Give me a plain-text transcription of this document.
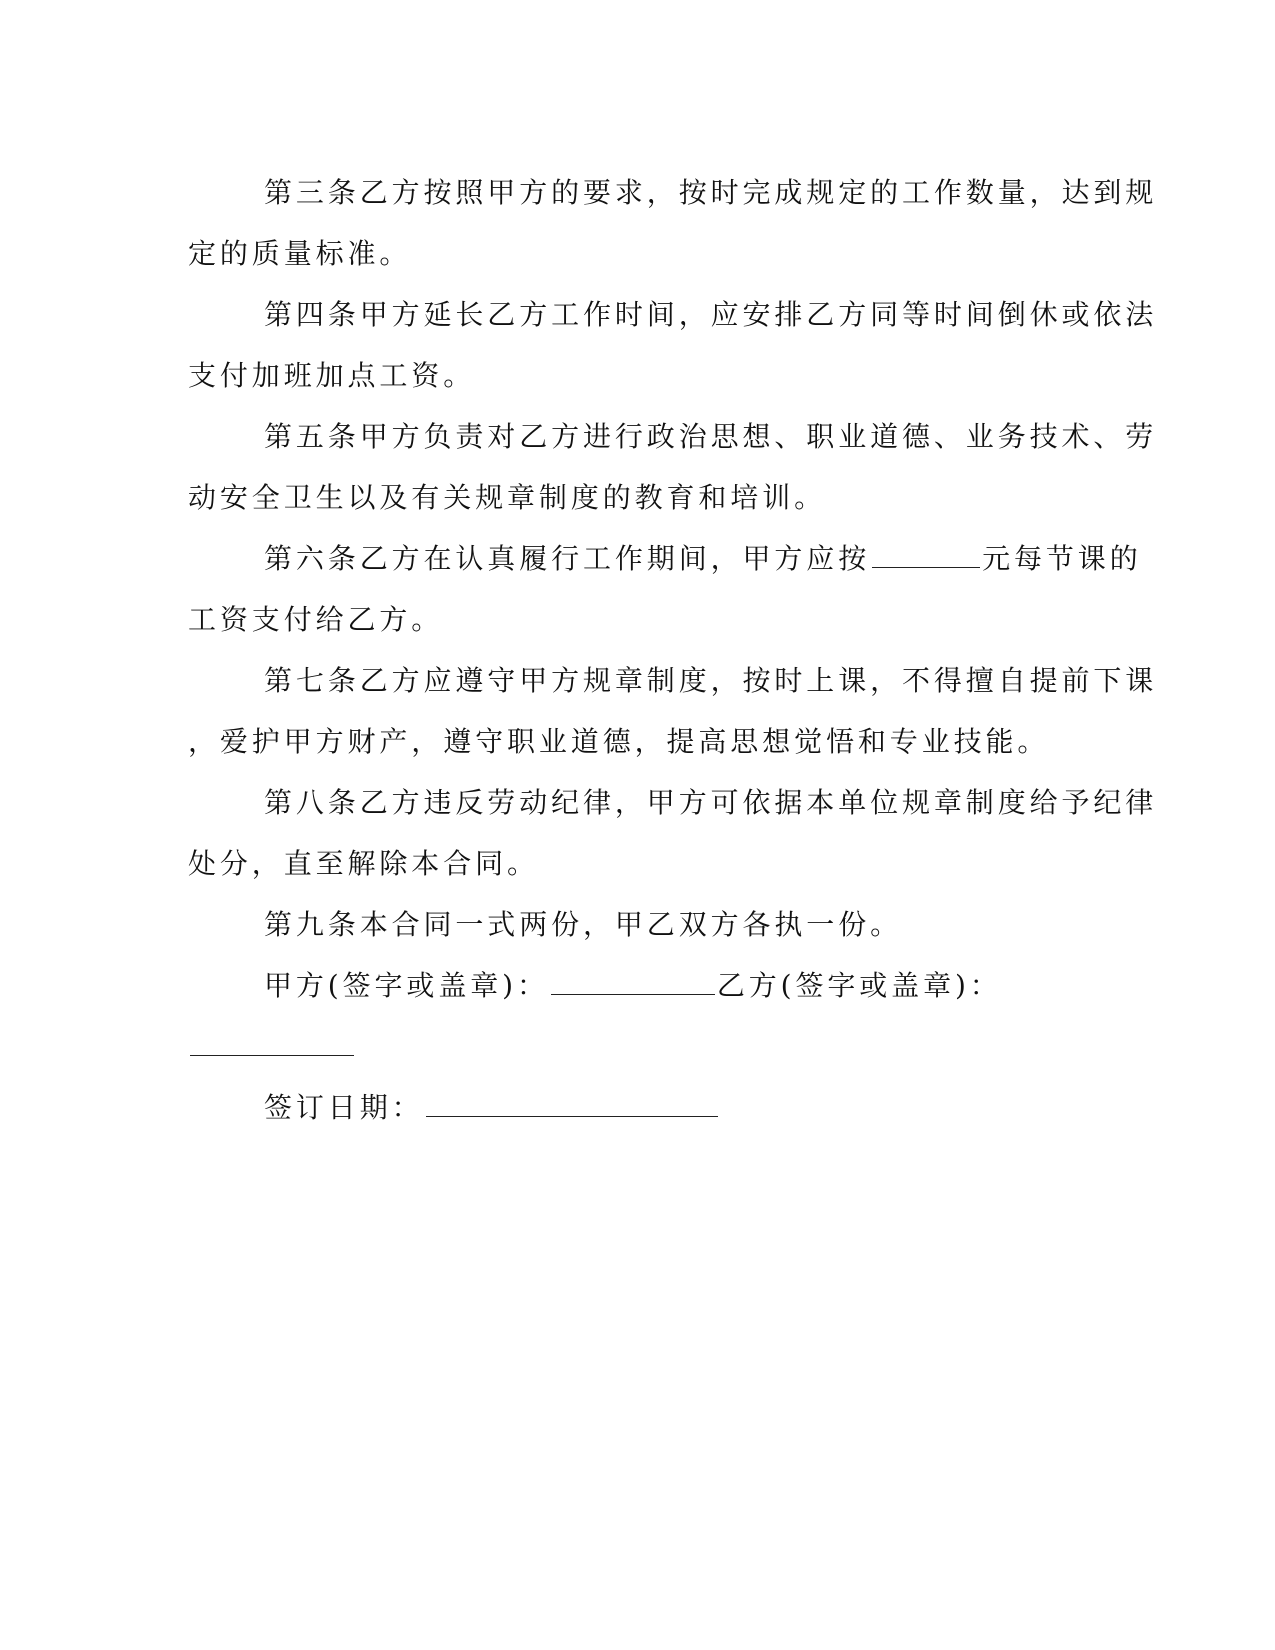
第三条乙方按照甲方的要求，按时完成规定的工作数量，达到规
定的质量标准。
第四条甲方延长乙方工作时间，应安排乙方同等时间倒休或依法
支付加班加点工资。
第五条甲方负责对乙方进行政治思想、职业道德、业务技术、劳
动安全卫生以及有关规章制度的教育和培训。
第六条乙方在认真履行工作期间，甲方应按	元每节课的
工资支付给乙方。
第七条乙方应遵守甲方规章制度，按时上课，不得擅自提前下课
，爱护甲方财产，遵守职业道德，提高思想觉悟和专业技能。
第八条乙方违反劳动纪律，甲方可依据本单位规章制度给予纪律
处分，直至解除本合同。
第九条本合同一式两份，甲乙双方各执一份。
甲方(签字或盖章)：	乙方(签字或盖章)：
签订日期：
